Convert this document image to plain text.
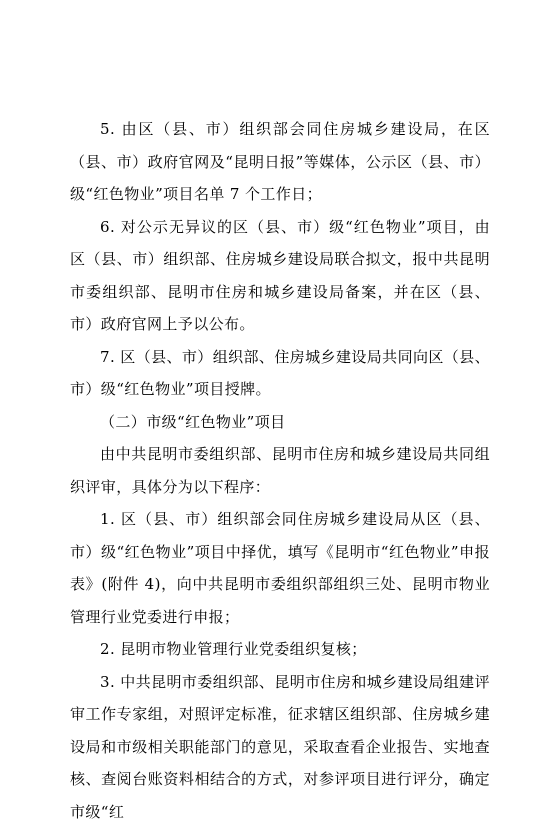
5. 由区（县、市）组织部会同住房城乡建设局，在区（县、市）政府官网及“昆明日报”等媒体，公示区（县、市）级“红色物业”项目名单 7 个工作日；

6. 对公示无异议的区（县、市）级“红色物业”项目，由区（县、市）组织部、住房城乡建设局联合拟文，报中共昆明市委组织部、昆明市住房和城乡建设局备案，并在区（县、市）政府官网上予以公布。

7. 区（县、市）组织部、住房城乡建设局共同向区（县、市）级“红色物业”项目授牌。

（二）市级“红色物业”项目

由中共昆明市委组织部、昆明市住房和城乡建设局共同组织评审，具体分为以下程序：

1. 区（县、市）组织部会同住房城乡建设局从区（县、市）级“红色物业”项目中择优，填写《昆明市“红色物业”申报表》(附件 4)，向中共昆明市委组织部组织三处、昆明市物业管理行业党委进行申报；

2. 昆明市物业管理行业党委组织复核；

3. 中共昆明市委组织部、昆明市住房和城乡建设局组建评审工作专家组，对照评定标准，征求辖区组织部、住房城乡建设局和市级相关职能部门的意见，采取查看企业报告、实地查核、查阅台账资料相结合的方式，对参评项目进行评分，确定市级“红
